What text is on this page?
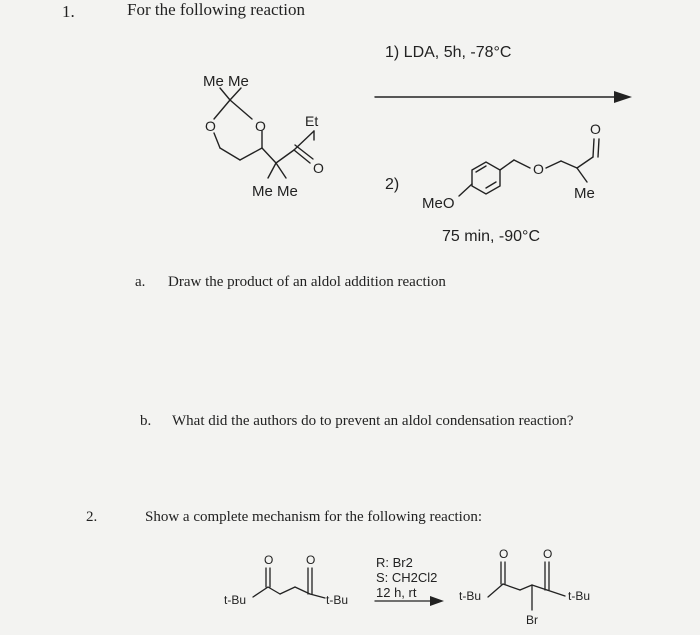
1.	For the following reaction
1) LDA, 5h, -78°C
2)
75 min, -90°C
Me Me
O	O	Et
O
Me Me
MeO
O
O
Me
a. Draw the product of an aldol addition reaction
b. What did the authors do to prevent an aldol condensation reaction?
2.	Show a complete mechanism for the following reaction:
O	O
t-Bu	t-Bu
R: Br2
S: CH2Cl2
12 h, rt
O	O
t-Bu	t-Bu
Br
